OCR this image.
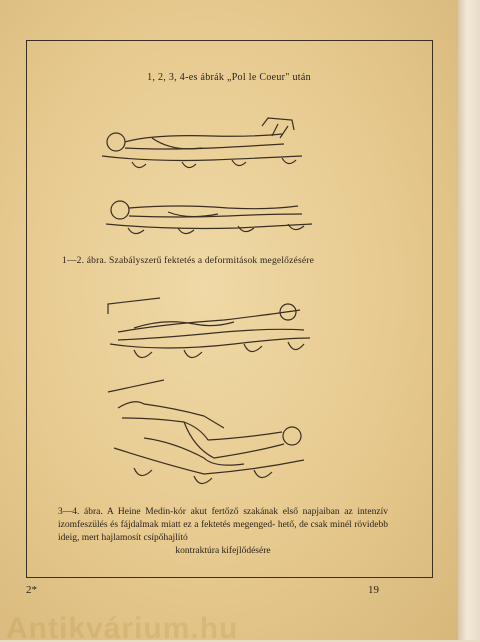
1, 2, 3, 4-es ábrák „Pol le Coeur" után
1—2. ábra. Szabályszerű fektetés a deformitások megelőzésére
3—4. ábra. A Heine Medin-kór akut fertőző szakának első napjaiban az intenzív izomfeszülés és fájdalmak miatt ez a fektetés megenged- hető, de csak minél rövidebb ideig, mert hajlamosít csípőhajlító
kontraktúra kifejlődésére
2*	19
Antikvárium.hu
